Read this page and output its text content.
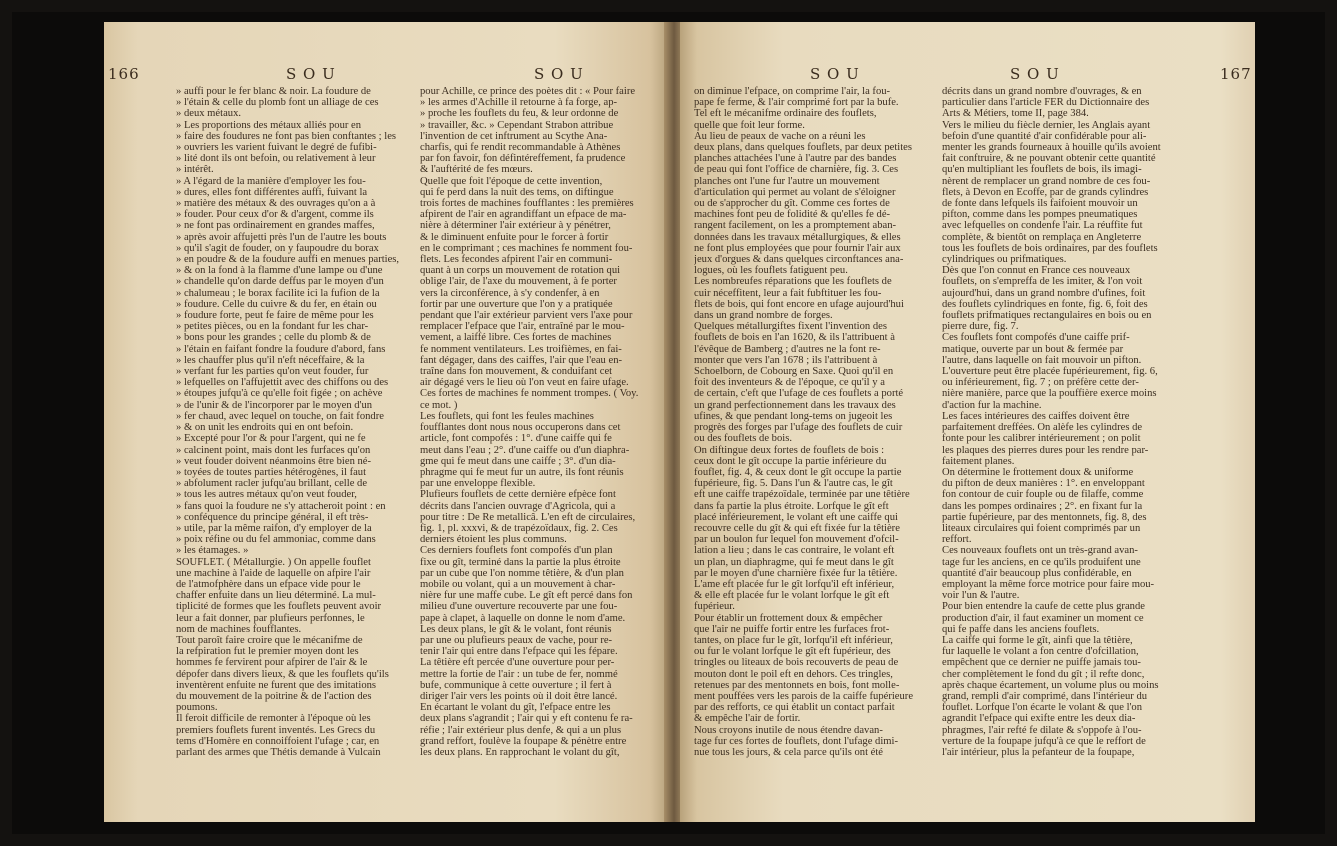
166	S O U	S O U
» auffi pour le fer blanc & noir. La foudure de
» l'étain & celle du plomb font un alliage de ces
» deux métaux.
» Les proportions des métaux alliés pour en
» faire des foudures ne font pas bien conftantes ; les
» ouvriers les varient fuivant le degré de fufibi-
» lité dont ils ont befoin, ou relativement à leur
» intérêt.
» A l'égard de la manière d'employer les fou-
» dures, elles font différentes auffi, fuivant la
» matière des métaux & des ouvrages qu'on a à
» fouder. Pour ceux d'or & d'argent, comme ils
» ne font pas ordinairement en grandes maffes,
» après avoir affujetti près l'un de l'autre les bouts
» qu'il s'agit de fouder, on y faupoudre du borax
» en poudre & de la foudure auffi en menues parties,
» & on la fond à la flamme d'une lampe ou d'une
» chandelle qu'on darde deffus par le moyen d'un
» chalumeau ; le borax facilite ici la fufion de la
» foudure. Celle du cuivre & du fer, en étain ou
» foudure forte, peut fe faire de même pour les
» petites pièces, ou en la fondant fur les char-
» bons pour les grandes ; celle du plomb & de
» l'étain en faifant fondre la foudure d'abord, fans
» les chauffer plus qu'il n'eft néceffaire, & la
» verfant fur les parties qu'on veut fouder, fur
» lefquelles on l'affujettit avec des chiffons ou des
» étoupes jufqu'à ce qu'elle foit figée ; on achève
» de l'unir & de l'incorporer par le moyen d'un
» fer chaud, avec lequel on touche, on fait fondre
» & on unit les endroits qui en ont befoin.
» Excepté pour l'or & pour l'argent, qui ne fe
» calcinent point, mais dont les furfaces qu'on
» veut fouder doivent néanmoins être bien né-
» toyées de toutes parties hétérogènes, il faut
» abfolument racler jufqu'au brillant, celle de
» tous les autres métaux qu'on veut fouder,
» fans quoi la foudure ne s'y attacheroit point : en
» conféquence du principe général, il eft très-
» utile, par la même raifon, d'y employer de la
» poix réfine ou du fel ammoniac, comme dans
» les étamages. »
SOUFLET. ( Métallurgie. ) On appelle fouflet
une machine à l'aide de laquelle on afpire l'air
de l'atmofphère dans un efpace vide pour le
chaffer enfuite dans un lieu déterminé. La mul-
tiplicité de formes que les fouflets peuvent avoir
leur a fait donner, par plufieurs perfonnes, le
nom de machines foufflantes.
Tout paroît faire croire que le mécanifme de
la refpiration fut le premier moyen dont les
hommes fe fervirent pour afpirer de l'air & le
dépofer dans divers lieux, & que les fouflets qu'ils
inventèrent enfuite ne furent que des imitations
du mouvement de la poitrine & de l'action des
poumons.
Il feroit difficile de remonter à l'époque où les
premiers fouflets furent inventés. Les Grecs du
tems d'Homère en connoiffoient l'ufage ; car, en
parlant des armes que Thétis demande à Vulcain
pour Achille, ce prince des poètes dit : « Pour faire
» les armes d'Achille il retourne à fa forge, ap-
» proche les fouflets du feu, & leur ordonne de
» travailler, &c. » Cependant Strabon attribue
l'invention de cet inftrument au Scythe Ana-
charfis, qui fe rendit recommandable à Athènes
par fon favoir, fon défintéreffement, fa prudence
& l'auftérité de fes mœurs.
Quelle que foit l'époque de cette invention,
qui fe perd dans la nuit des tems, on diftingue
trois fortes de machines foufflantes : les premières
afpirent de l'air en agrandiffant un efpace de ma-
nière à déterminer l'air extérieur à y pénétrer,
& le diminuent enfuite pour le forcer à fortir
en le comprimant ; ces machines fe nomment fou-
flets. Les fecondes afpirent l'air en communi-
quant à un corps un mouvement de rotation qui
oblige l'air, de l'axe du mouvement, à fe porter
vers la circonférence, à s'y condenfer, à en
fortir par une ouverture que l'on y a pratiquée
pendant que l'air extérieur parvient vers l'axe pour
remplacer l'efpace que l'air, entraîné par le mou-
vement, a laiffé libre. Ces fortes de machines
fe nomment ventilateurs. Les troifièmes, en fai-
fant dégager, dans des caiffes, l'air que l'eau en-
traîne dans fon mouvement, & conduifant cet
air dégagé vers le lieu où l'on veut en faire ufage.
Ces fortes de machines fe nomment trompes. ( Voy.
ce mot. )
Les fouflets, qui font les feules machines
foufflantes dont nous nous occuperons dans cet
article, font compofés : 1°. d'une caiffe qui fe
meut dans l'eau ; 2°. d'une caiffe ou d'un diaphra-
gme qui fe meut dans une caiffe ; 3°. d'un dia-
phragme qui fe meut fur un autre, ils font réunis
par une enveloppe flexible.
Plufieurs fouflets de cette dernière efpèce font
décrits dans l'ancien ouvrage d'Agricola, qui a
pour titre : De Re metallicâ. L'en eft de circulaires,
fig. 1, pl. xxxvi, & de trapézoïdaux, fig. 2. Ces
derniers étoient les plus communs.
Ces derniers fouflets font compofés d'un plan
fixe ou gît, terminé dans la partie la plus étroite
par un cube que l'on nomme têtière, & d'un plan
mobile ou volant, qui a un mouvement à char-
nière fur une maffe cube. Le gît eft percé dans fon
milieu d'une ouverture recouverte par une fou-
pape à clapet, à laquelle on donne le nom d'ame.
Les deux plans, le gît & le volant, font réunis
par une ou plufieurs peaux de vache, pour re-
tenir l'air qui entre dans l'efpace qui les fépare.
La têtière eft percée d'une ouverture pour per-
mettre la fortie de l'air : un tube de fer, nommé
bufe, communique à cette ouverture ; il fert à
diriger l'air vers les points où il doit être lancé.
En écartant le volant du gît, l'efpace entre les
deux plans s'agrandit ; l'air qui y eft contenu fe ra-
réfie ; l'air extérieur plus denfe, & qui a un plus
grand reffort, foulève la foupape & pénètre entre
les deux plans. En rapprochant le volant du gît,
S O U	S O U	167
on diminue l'efpace, on comprime l'air, la fou-
pape fe ferme, & l'air comprimé fort par la bufe.
Tel eft le mécanifme ordinaire des fouflets,
quelle que foit leur forme.
Au lieu de peaux de vache on a réuni les
deux plans, dans quelques fouflets, par deux petites
planches attachées l'une à l'autre par des bandes
de peau qui font l'office de charnière, fig. 3. Ces
planches ont l'une fur l'autre un mouvement
d'articulation qui permet au volant de s'éloigner
ou de s'approcher du gît. Comme ces fortes de
machines font peu de folidité & qu'elles fe dé-
rangent facilement, on les a promptement aban-
données dans les travaux métallurgiques, & elles
ne font plus employées que pour fournir l'air aux
jeux d'orgues & dans quelques circonftances ana-
logues, où les fouflets fatiguent peu.
Les nombreufes réparations que les fouflets de
cuir néceffitent, leur a fait fubftituer les fou-
flets de bois, qui font encore en ufage aujourd'hui
dans un grand nombre de forges.
Quelques métallurgiftes fixent l'invention des
fouflets de bois en l'an 1620, & ils l'attribuent à
l'évêque de Bamberg ; d'autres ne la font re-
monter que vers l'an 1678 ; ils l'attribuent à
Schoelborn, de Cobourg en Saxe. Quoi qu'il en
foit des inventeurs & de l'époque, ce qu'il y a
de certain, c'eft que l'ufage de ces fouflets a porté
un grand perfectionnement dans les travaux des
ufines, & que pendant long-tems on jugeoit les
progrès des forges par l'ufage des fouflets de cuir
ou des fouflets de bois.
On diftingue deux fortes de fouflets de bois :
ceux dont le gît occupe la partie inférieure du
fouflet, fig. 4, & ceux dont le gît occupe la partie
fupérieure, fig. 5. Dans l'un & l'autre cas, le gît
eft une caiffe trapézoïdale, terminée par une têtière
dans fa partie la plus étroite. Lorfque le gît eft
placé inférieurement, le volant eft une caiffe qui
recouvre celle du gît & qui eft fixée fur la têtière
par un boulon fur lequel fon mouvement d'ofcil-
lation a lieu ; dans le cas contraire, le volant eft
un plan, un diaphragme, qui fe meut dans le gît
par le moyen d'une charnière fixée fur la têtière.
L'ame eft placée fur le gît lorfqu'il eft inférieur,
& elle eft placée fur le volant lorfque le gît eft
fupérieur.
Pour établir un frottement doux & empêcher
que l'air ne puiffe fortir entre les furfaces frot-
tantes, on place fur le gît, lorfqu'il eft inférieur,
ou fur le volant lorfque le gît eft fupérieur, des
tringles ou liteaux de bois recouverts de peau de
mouton dont le poil eft en dehors. Ces tringles,
retenues par des mentonnets en bois, font molle-
ment pouffées vers les parois de la caiffe fupérieure
par des refforts, ce qui établit un contact parfait
& empêche l'air de fortir.
Nous croyons inutile de nous étendre davan-
tage fur ces fortes de fouflets, dont l'ufage dimi-
nue tous les jours, & cela parce qu'ils ont été
décrits dans un grand nombre d'ouvrages, & en
particulier dans l'article FER du Dictionnaire des
Arts & Métiers, tome II, page 384.
Vers le milieu du fiècle dernier, les Anglais ayant
befoin d'une quantité d'air confidérable pour ali-
menter les grands fourneaux à houille qu'ils avoient
fait conftruire, & ne pouvant obtenir cette quantité
qu'en multipliant les fouflets de bois, ils imagi-
nèrent de remplacer un grand nombre de ces fou-
flets, à Devon en Ecoffe, par de grands cylindres
de fonte dans lefquels ils faifoient mouvoir un
pifton, comme dans les pompes pneumatiques
avec lefquelles on condenfe l'air. La réuffite fut
complète, & bientôt on remplaça en Angleterre
tous les fouflets de bois ordinaires, par des fouflets
cylindriques ou prifmatiques.
Dès que l'on connut en France ces nouveaux
fouflets, on s'empreffa de les imiter, & l'on voit
aujourd'hui, dans un grand nombre d'ufines, foit
des fouflets cylindriques en fonte, fig. 6, foit des
fouflets prifmatiques rectangulaires en bois ou en
pierre dure, fig. 7.
Ces fouflets font compofés d'une caiffe prif-
matique, ouverte par un bout & fermée par
l'autre, dans laquelle on fait mouvoir un pifton.
L'ouverture peut être placée fupérieurement, fig. 6,
ou inférieurement, fig. 7 ; on préfère cette der-
nière manière, parce que la pouffière exerce moins
d'action fur la machine.
Les faces intérieures des caiffes doivent être
parfaitement dreffées. On alèfe les cylindres de
fonte pour les calibrer intérieurement ; on polit
les plaques des pierres dures pour les rendre par-
faitement planes.
On détermine le frottement doux & uniforme
du pifton de deux manières : 1°. en enveloppant
fon contour de cuir fouple ou de filaffe, comme
dans les pompes ordinaires ; 2°. en fixant fur la
partie fupérieure, par des mentonnets, fig. 8, des
liteaux circulaires qui foient comprimés par un
reffort.
Ces nouveaux fouflets ont un très-grand avan-
tage fur les anciens, en ce qu'ils produifent une
quantité d'air beaucoup plus confidérable, en
employant la même force motrice pour faire mou-
voir l'un & l'autre.
Pour bien entendre la caufe de cette plus grande
production d'air, il faut examiner un moment ce
qui fe paffe dans les anciens fouflets.
La caiffe qui forme le gît, ainfi que la têtière,
fur laquelle le volant a fon centre d'ofcillation,
empêchent que ce dernier ne puiffe jamais tou-
cher complètement le fond du gît ; il refte donc,
après chaque écartement, un volume plus ou moins
grand, rempli d'air comprimé, dans l'intérieur du
fouflet. Lorfque l'on écarte le volant & que l'on
agrandit l'efpace qui exifte entre les deux dia-
phragmes, l'air refté fe dilate & s'oppofe à l'ou-
verture de la foupape jufqu'à ce que le reffort de
l'air intérieur, plus la pefanteur de la foupape,
